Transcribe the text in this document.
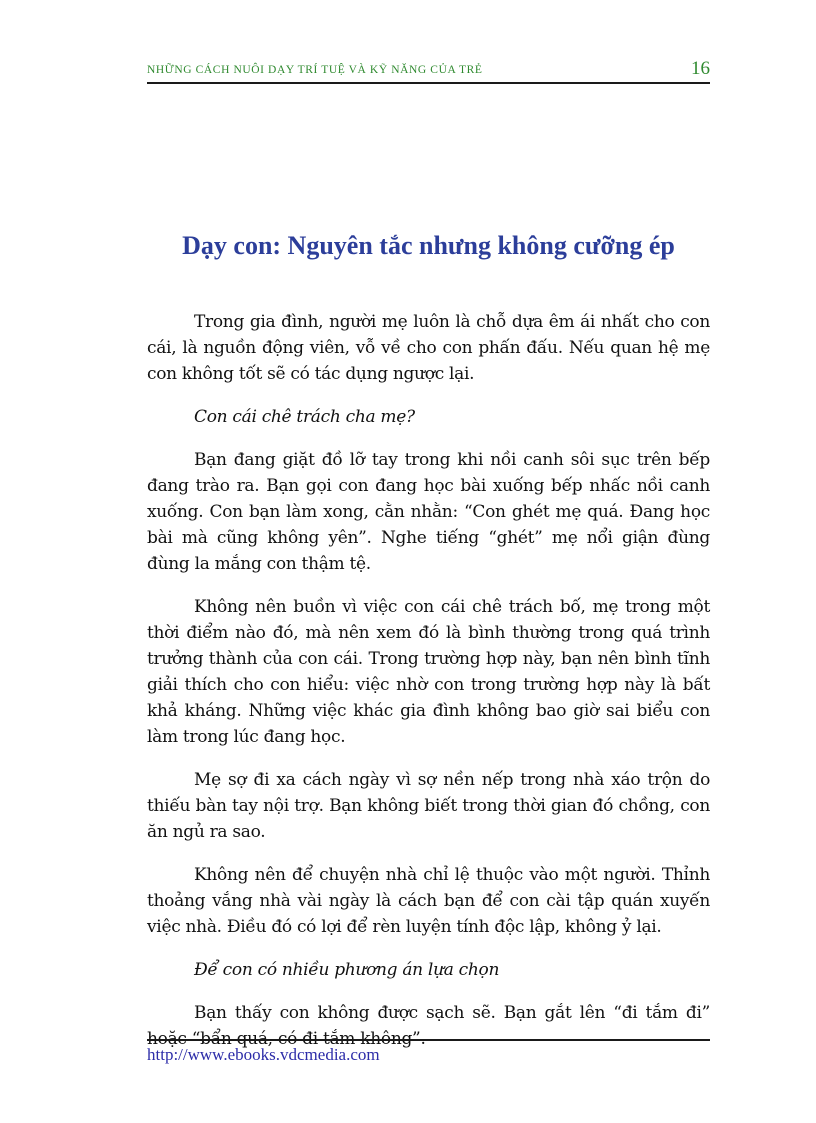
NHỮNG CÁCH NUÔI DẠY TRÍ TUỆ VÀ KỸ NĂNG CỦA TRẺ	16
Dạy con: Nguyên tắc nhưng không cưỡng ép

Trong gia đình, người mẹ luôn là chỗ dựa êm ái nhất cho con cái, là nguồn động viên, vỗ về cho con phấn đấu. Nếu quan hệ mẹ con không tốt sẽ có tác dụng ngược lại.

Con cái chê trách cha mẹ?

Bạn đang giặt đồ lỡ tay trong khi nồi canh sôi sục trên bếp đang trào ra. Bạn gọi con đang học bài xuống bếp nhấc nồi canh xuống. Con bạn làm xong, cằn nhằn: “Con ghét mẹ quá. Đang học bài mà cũng không yên”. Nghe tiếng “ghét” mẹ nổi giận đùng đùng la mắng con thậm tệ.

Không nên buồn vì việc con cái chê trách bố, mẹ trong một thời điểm nào đó, mà nên xem đó là bình thường trong quá trình trưởng thành của con cái. Trong trường hợp này, bạn nên bình tĩnh giải thích cho con hiểu: việc nhờ con trong trường hợp này là bất khả kháng. Những việc khác gia đình không bao giờ sai biểu con làm trong lúc đang học.

Mẹ sợ đi xa cách ngày vì sợ nền nếp trong nhà xáo trộn do thiếu bàn tay nội trợ. Bạn không biết trong thời gian đó chồng, con ăn ngủ ra sao.

Không nên để chuyện nhà chỉ lệ thuộc vào một người. Thỉnh thoảng vắng nhà vài ngày là cách bạn để con cài tập quán xuyến việc nhà. Điều đó có lợi để rèn luyện tính độc lập, không ỷ lại.

Để con có nhiều phương án lựa chọn

Bạn thấy con không được sạch sẽ. Bạn gắt lên “đi tắm đi” hoặc “bẩn quá, có đi tắm không”.

http://www.ebooks.vdcmedia.com
